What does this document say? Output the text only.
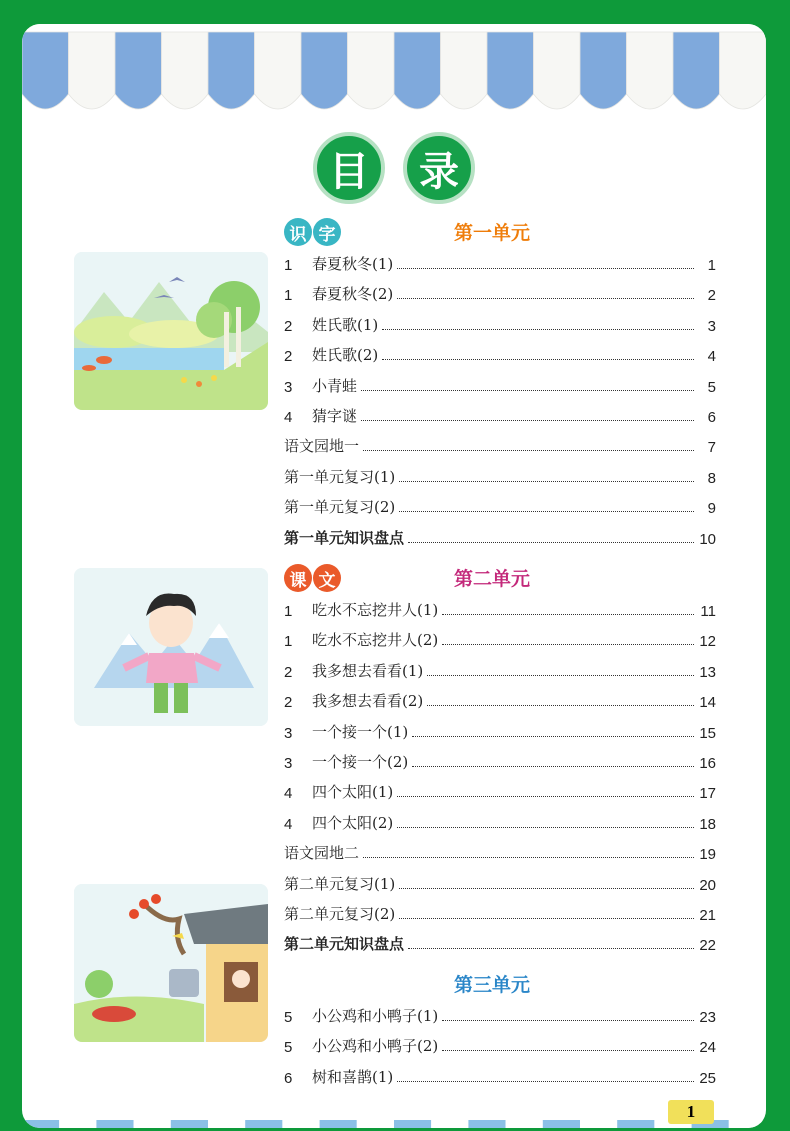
目	录
识 字	第一单元
1	春夏秋冬(1)	1
1	春夏秋冬(2)	2
2	姓氏歌(1)	3
2	姓氏歌(2)	4
3	小青蛙	5
4	猜字谜	6
语文园地一	7
第一单元复习(1)	8
第一单元复习(2)	9
第一单元知识盘点	10
课 文	第二单元
1	吃水不忘挖井人(1)	11
1	吃水不忘挖井人(2)	12
2	我多想去看看(1)	13
2	我多想去看看(2)	14
3	一个接一个(1)	15
3	一个接一个(2)	16
4	四个太阳(1)	17
4	四个太阳(2)	18
语文园地二	19
第二单元复习(1)	20
第二单元复习(2)	21
第二单元知识盘点	22
第三单元
5	小公鸡和小鸭子(1)	23
5	小公鸡和小鸭子(2)	24
6	树和喜鹊(1)	25
1
